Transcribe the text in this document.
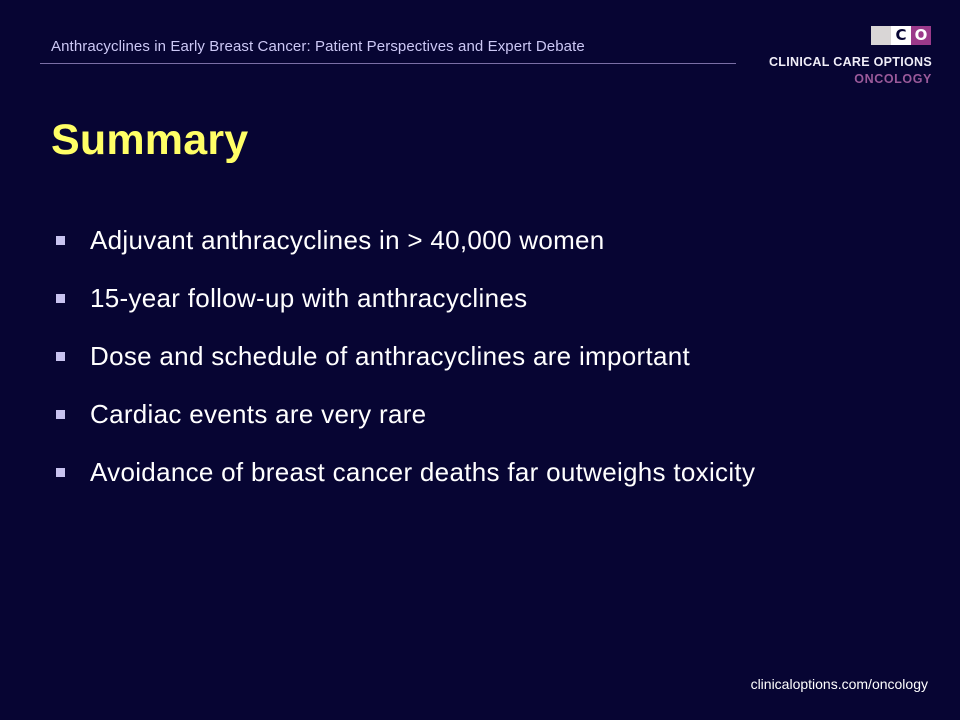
Anthracyclines in Early Breast Cancer: Patient Perspectives and Expert Debate
C C O
CLINICAL CARE OPTIONS
ONCOLOGY
Summary
Adjuvant anthracyclines in > 40,000 women
15-year follow-up with anthracyclines
Dose and schedule of anthracyclines are important
Cardiac events are very rare
Avoidance of breast cancer deaths far outweighs toxicity
clinicaloptions.com/oncology
